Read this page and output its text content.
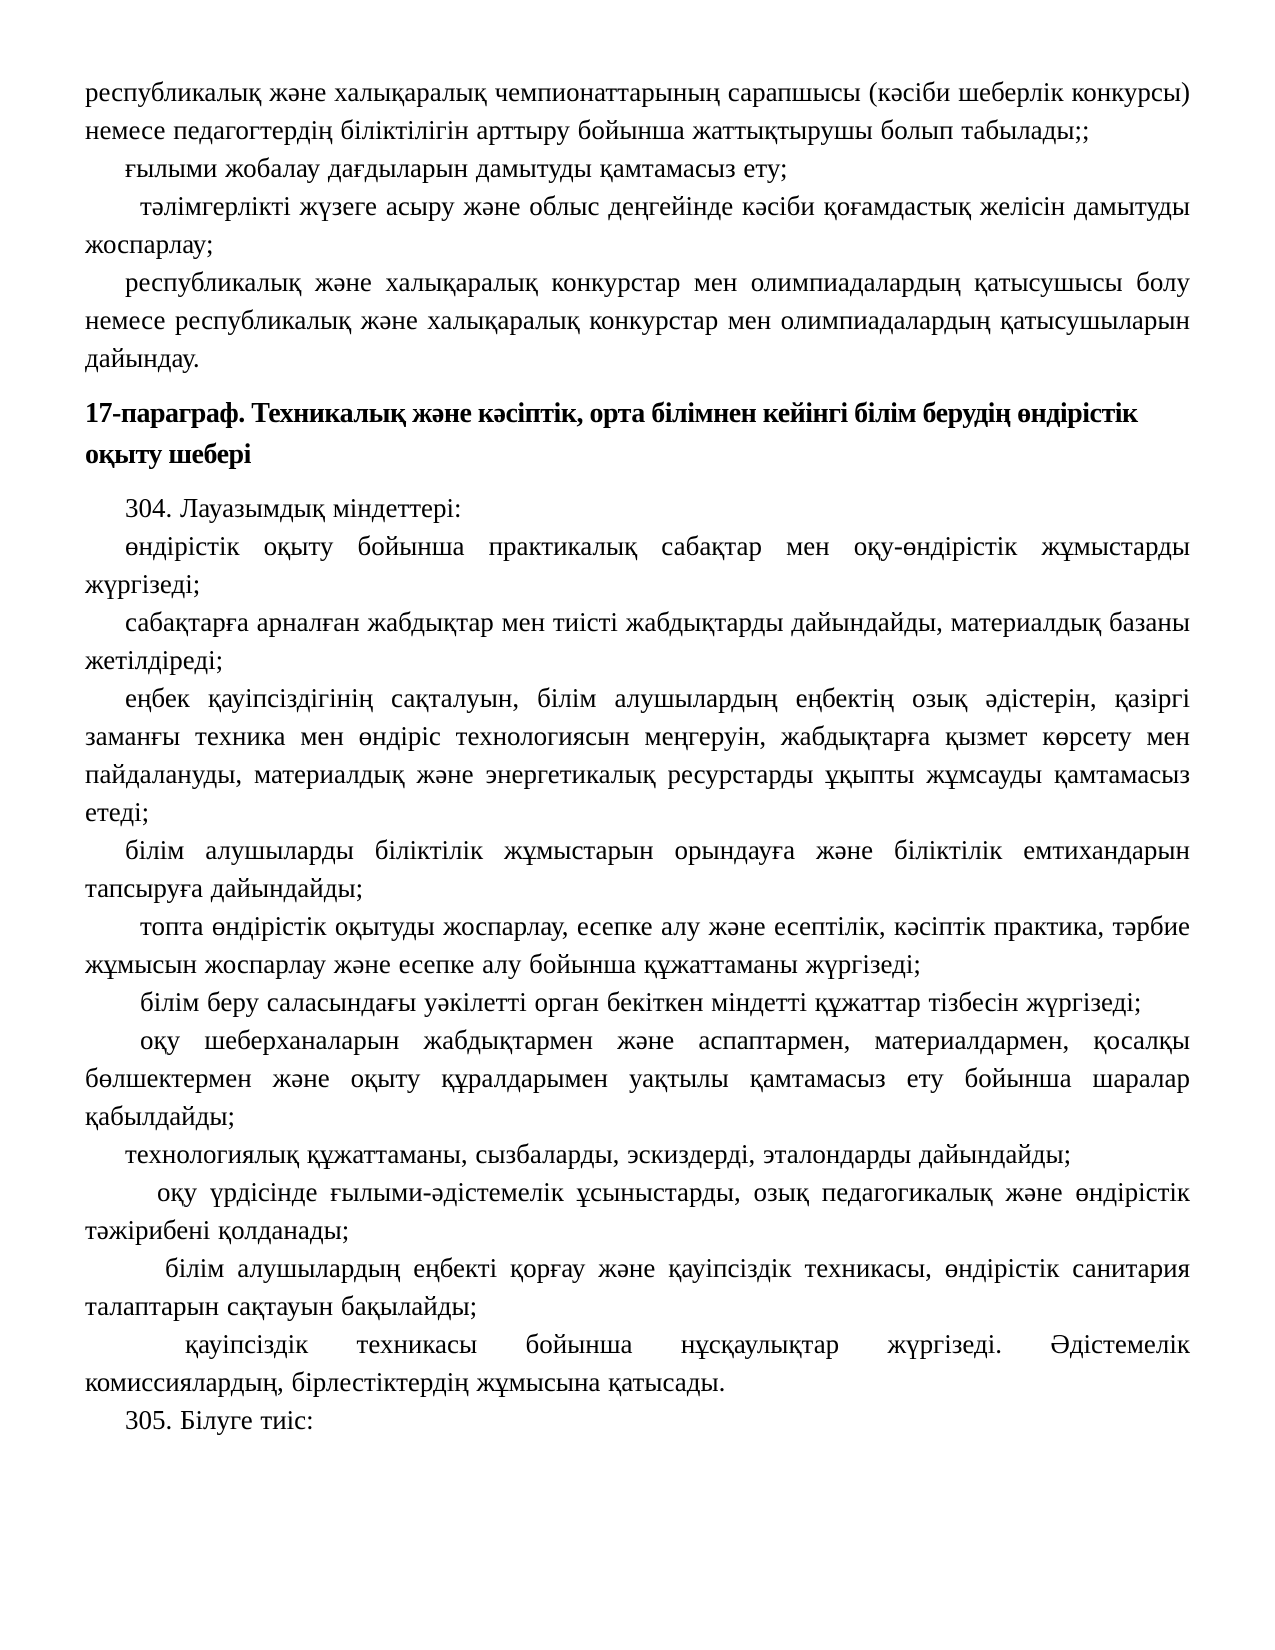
республикалық және халықаралық чемпионаттарының сарапшысы (кәсіби шеберлік конкурсы) немесе педагогтердің біліктілігін арттыру бойынша жаттықтырушы болып табылады;;

ғылыми жобалау дағдыларын дамытуды қамтамасыз ету;

тәлімгерлікті жүзеге асыру және облыс деңгейінде кәсіби қоғамдастық желісін дамытуды жоспарлау;

республикалық және халықаралық конкурстар мен олимпиадалардың қатысушысы болу немесе республикалық және халықаралық конкурстар мен олимпиадалардың қатысушыларын дайындау.

17-параграф. Техникалық және кәсіптік, орта білімнен кейінгі білім берудің өндірістік оқыту шебері

304. Лауазымдық міндеттері:

өндірістік оқыту бойынша практикалық сабақтар мен оқу-өндірістік жұмыстарды жүргізеді;

сабақтарға арналған жабдықтар мен тиісті жабдықтарды дайындайды, материалдық базаны жетілдіреді;

еңбек қауіпсіздігінің сақталуын, білім алушылардың еңбектің озық әдістерін, қазіргі заманғы техника мен өндіріс технологиясын меңгеруін, жабдықтарға қызмет көрсету мен пайдалануды, материалдық және энергетикалық ресурстарды ұқыпты жұмсауды қамтамасыз етеді;

білім алушыларды біліктілік жұмыстарын орындауға және біліктілік емтихандарын тапсыруға дайындайды;

топта өндірістік оқытуды жоспарлау, есепке алу және есептілік, кәсіптік практика, тәрбие жұмысын жоспарлау және есепке алу бойынша құжаттаманы жүргізеді;

білім беру саласындағы уәкілетті орган бекіткен міндетті құжаттар тізбесін жүргізеді;

оқу шеберханаларын жабдықтармен және аспаптармен, материалдармен, қосалқы бөлшектермен және оқыту құралдарымен уақтылы қамтамасыз ету бойынша шаралар қабылдайды;

технологиялық құжаттаманы, сызбаларды, эскиздерді, эталондарды дайындайды;

оқу үрдісінде ғылыми-әдістемелік ұсыныстарды, озық педагогикалық және өндірістік тәжірибені қолданады;

білім алушылардың еңбекті қорғау және қауіпсіздік техникасы, өндірістік санитария талаптарын сақтауын бақылайды;

қауіпсіздік техникасы бойынша нұсқаулықтар жүргізеді. Әдістемелік комиссиялардың, бірлестіктердің жұмысына қатысады.

305. Білуге тиіс:
